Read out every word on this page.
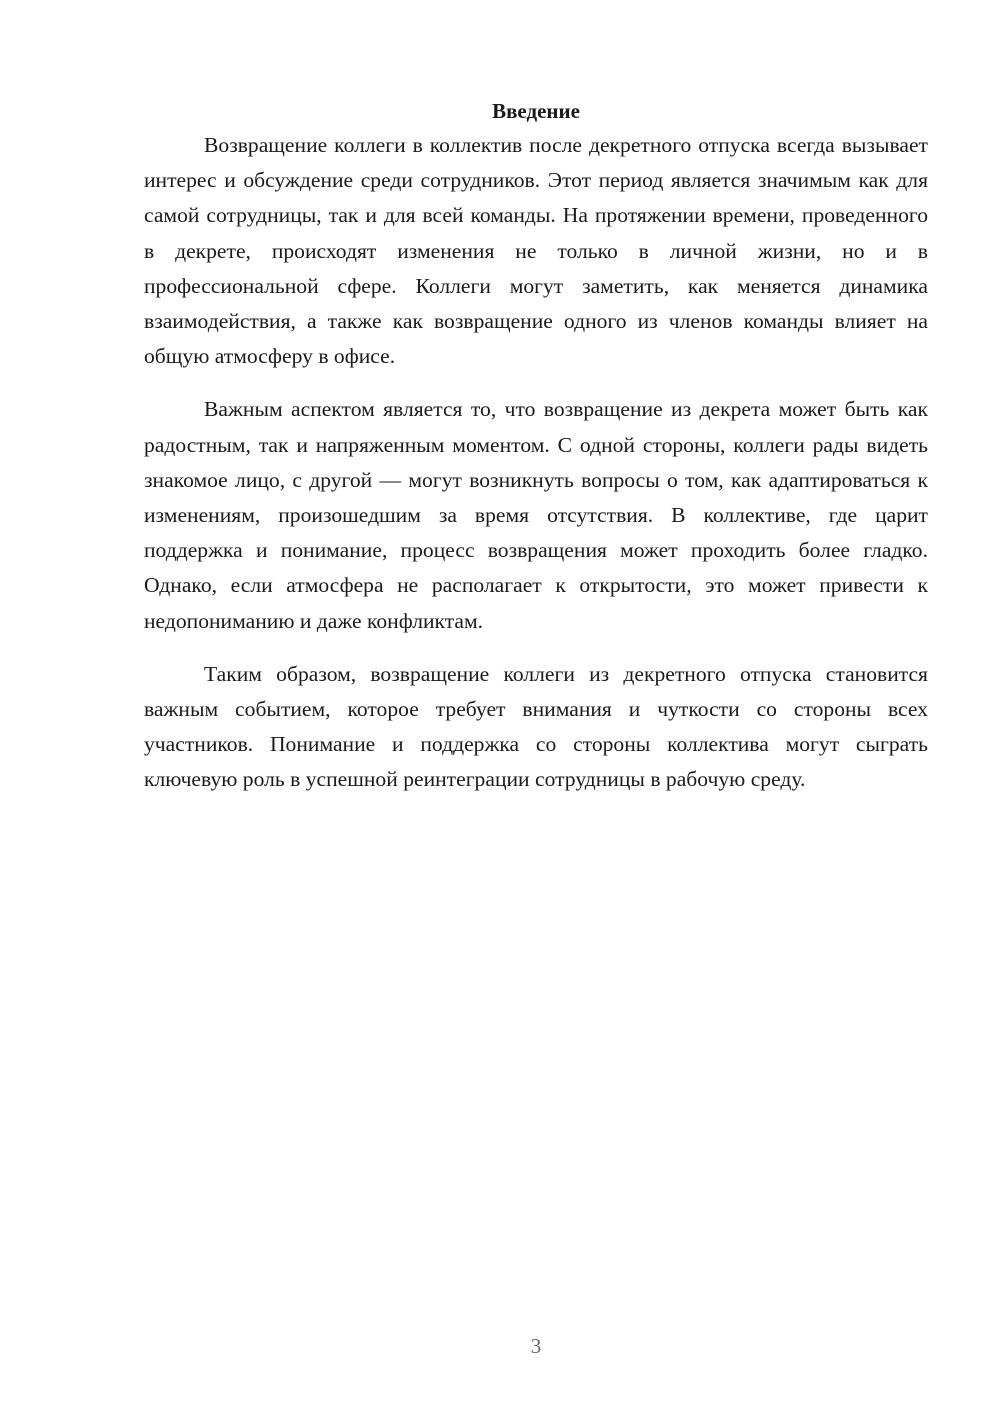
Введение

Возвращение коллеги в коллектив после декретного отпуска всегда вызывает интерес и обсуждение среди сотрудников. Этот период является значимым как для самой сотрудницы, так и для всей команды. На протяжении времени, проведенного в декрете, происходят изменения не только в личной жизни, но и в профессиональной сфере. Коллеги могут заметить, как меняется динамика взаимодействия, а также как возвращение одного из членов команды влияет на общую атмосферу в офисе.

Важным аспектом является то, что возвращение из декрета может быть как радостным, так и напряженным моментом. С одной стороны, коллеги рады видеть знакомое лицо, с другой — могут возникнуть вопросы о том, как адаптироваться к изменениям, произошедшим за время отсутствия. В коллективе, где царит поддержка и понимание, процесс возвращения может проходить более гладко. Однако, если атмосфера не располагает к открытости, это может привести к недопониманию и даже конфликтам.

Таким образом, возвращение коллеги из декретного отпуска становится важным событием, которое требует внимания и чуткости со стороны всех участников. Понимание и поддержка со стороны коллектива могут сыграть ключевую роль в успешной реинтеграции сотрудницы в рабочую среду.

3
